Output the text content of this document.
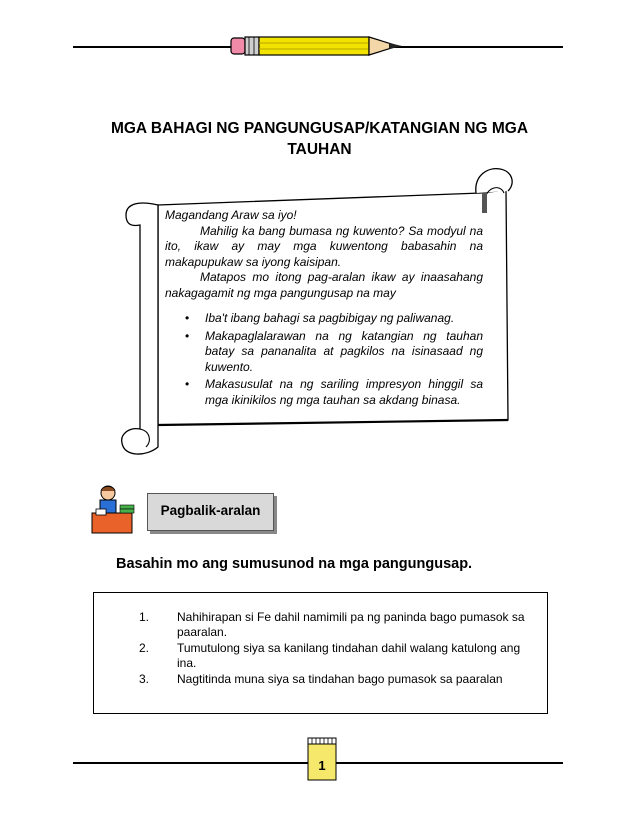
MGA BAHAGI NG PANGUNGUSAP/KATANGIAN NG MGA
TAUHAN

Magandang Araw sa iyo!

Mahilig ka bang bumasa ng kuwento? Sa modyul na ito, ikaw ay may mga kuwentong babasahin na makapupukaw sa iyong kaisipan.

Matapos mo itong pag-aralan ikaw ay inaasahang nakagagamit ng mga pangungusap na may

• Iba't ibang bahagi sa pagbibigay ng paliwanag.
• Makapaglalarawan na ng katangian ng tauhan batay sa pananalita at pagkilos na isinasaad ng kuwento.
• Makasusulat na ng sariling impresyon hinggil sa mga ikinikilos ng mga tauhan sa akdang binasa.
Pagbalik-aralan
Basahin mo ang sumusunod na mga pangungusap.
1. Nahihirapan si Fe dahil namimili pa ng paninda bago pumasok sa paaralan.
2. Tumutulong siya sa kanilang tindahan dahil walang katulong ang ina.
3. Nagtitinda muna siya sa tindahan bago pumasok sa paaralan
1
